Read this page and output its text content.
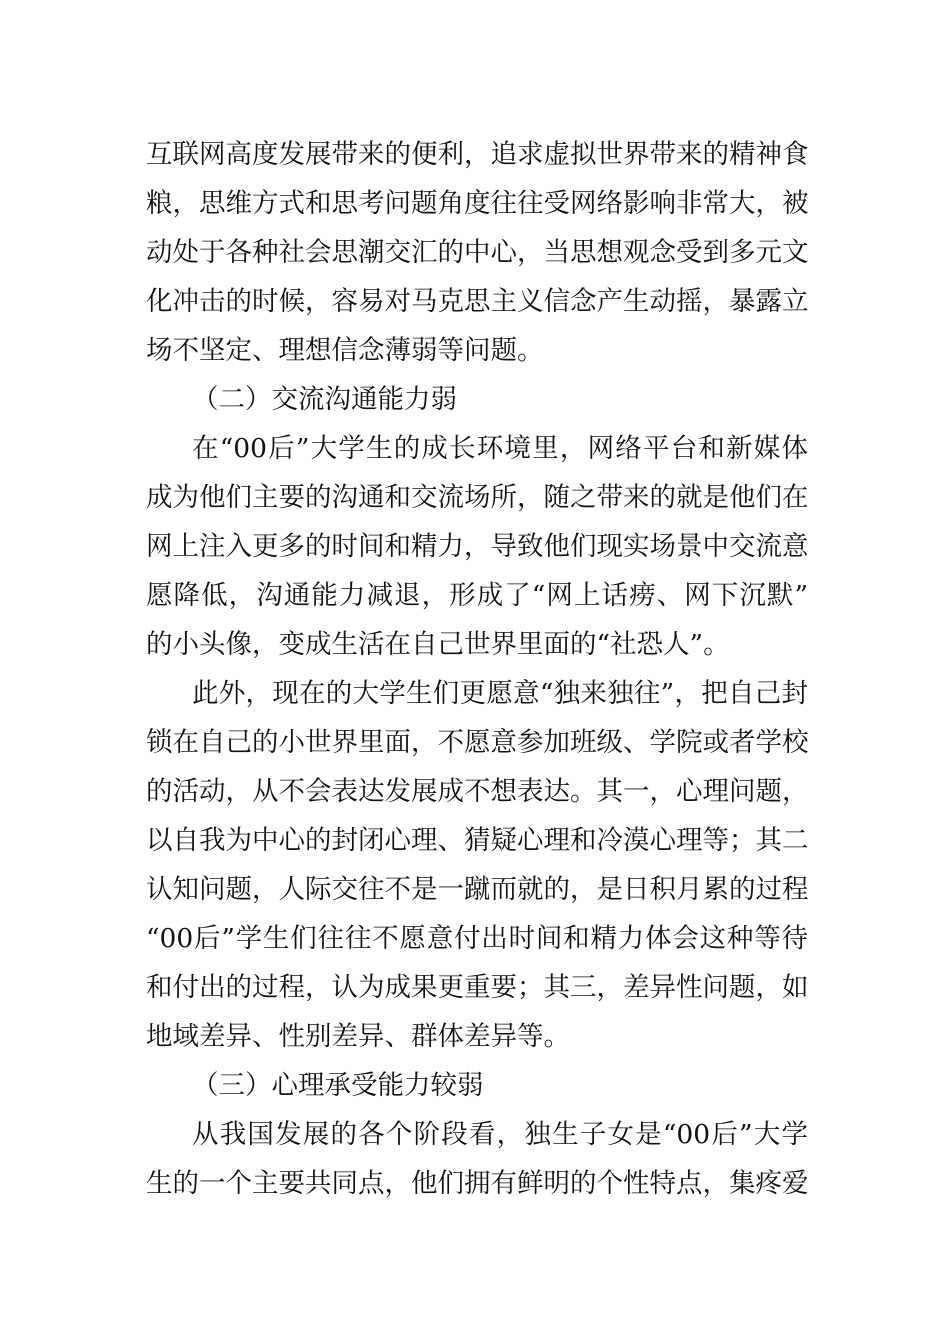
互联网高度发展带来的便利，追求虚拟世界带来的精神食
粮，思维方式和思考问题角度往往受网络影响非常大，被
动处于各种社会思潮交汇的中心，当思想观念受到多元文
化冲击的时候，容易对马克思主义信念产生动摇，暴露立
场不坚定、理想信念薄弱等问题。
（二）交流沟通能力弱
在“00后”大学生的成长环境里，网络平台和新媒体
成为他们主要的沟通和交流场所，随之带来的就是他们在
网上注入更多的时间和精力，导致他们现实场景中交流意
愿降低，沟通能力减退，形成了“网上话痨、网下沉默”
的小头像，变成生活在自己世界里面的“社恐人”。
此外，现在的大学生们更愿意“独来独往”，把自己封
锁在自己的小世界里面，不愿意参加班级、学院或者学校
的活动，从不会表达发展成不想表达。其一，心理问题，
以自我为中心的封闭心理、猜疑心理和冷漠心理等；其二
认知问题，人际交往不是一蹴而就的，是日积月累的过程
“00后”学生们往往不愿意付出时间和精力体会这种等待
和付出的过程，认为成果更重要；其三，差异性问题，如
地域差异、性别差异、群体差异等。
（三）心理承受能力较弱
从我国发展的各个阶段看，独生子女是“00后”大学
生的一个主要共同点，他们拥有鲜明的个性特点，集疼爱
